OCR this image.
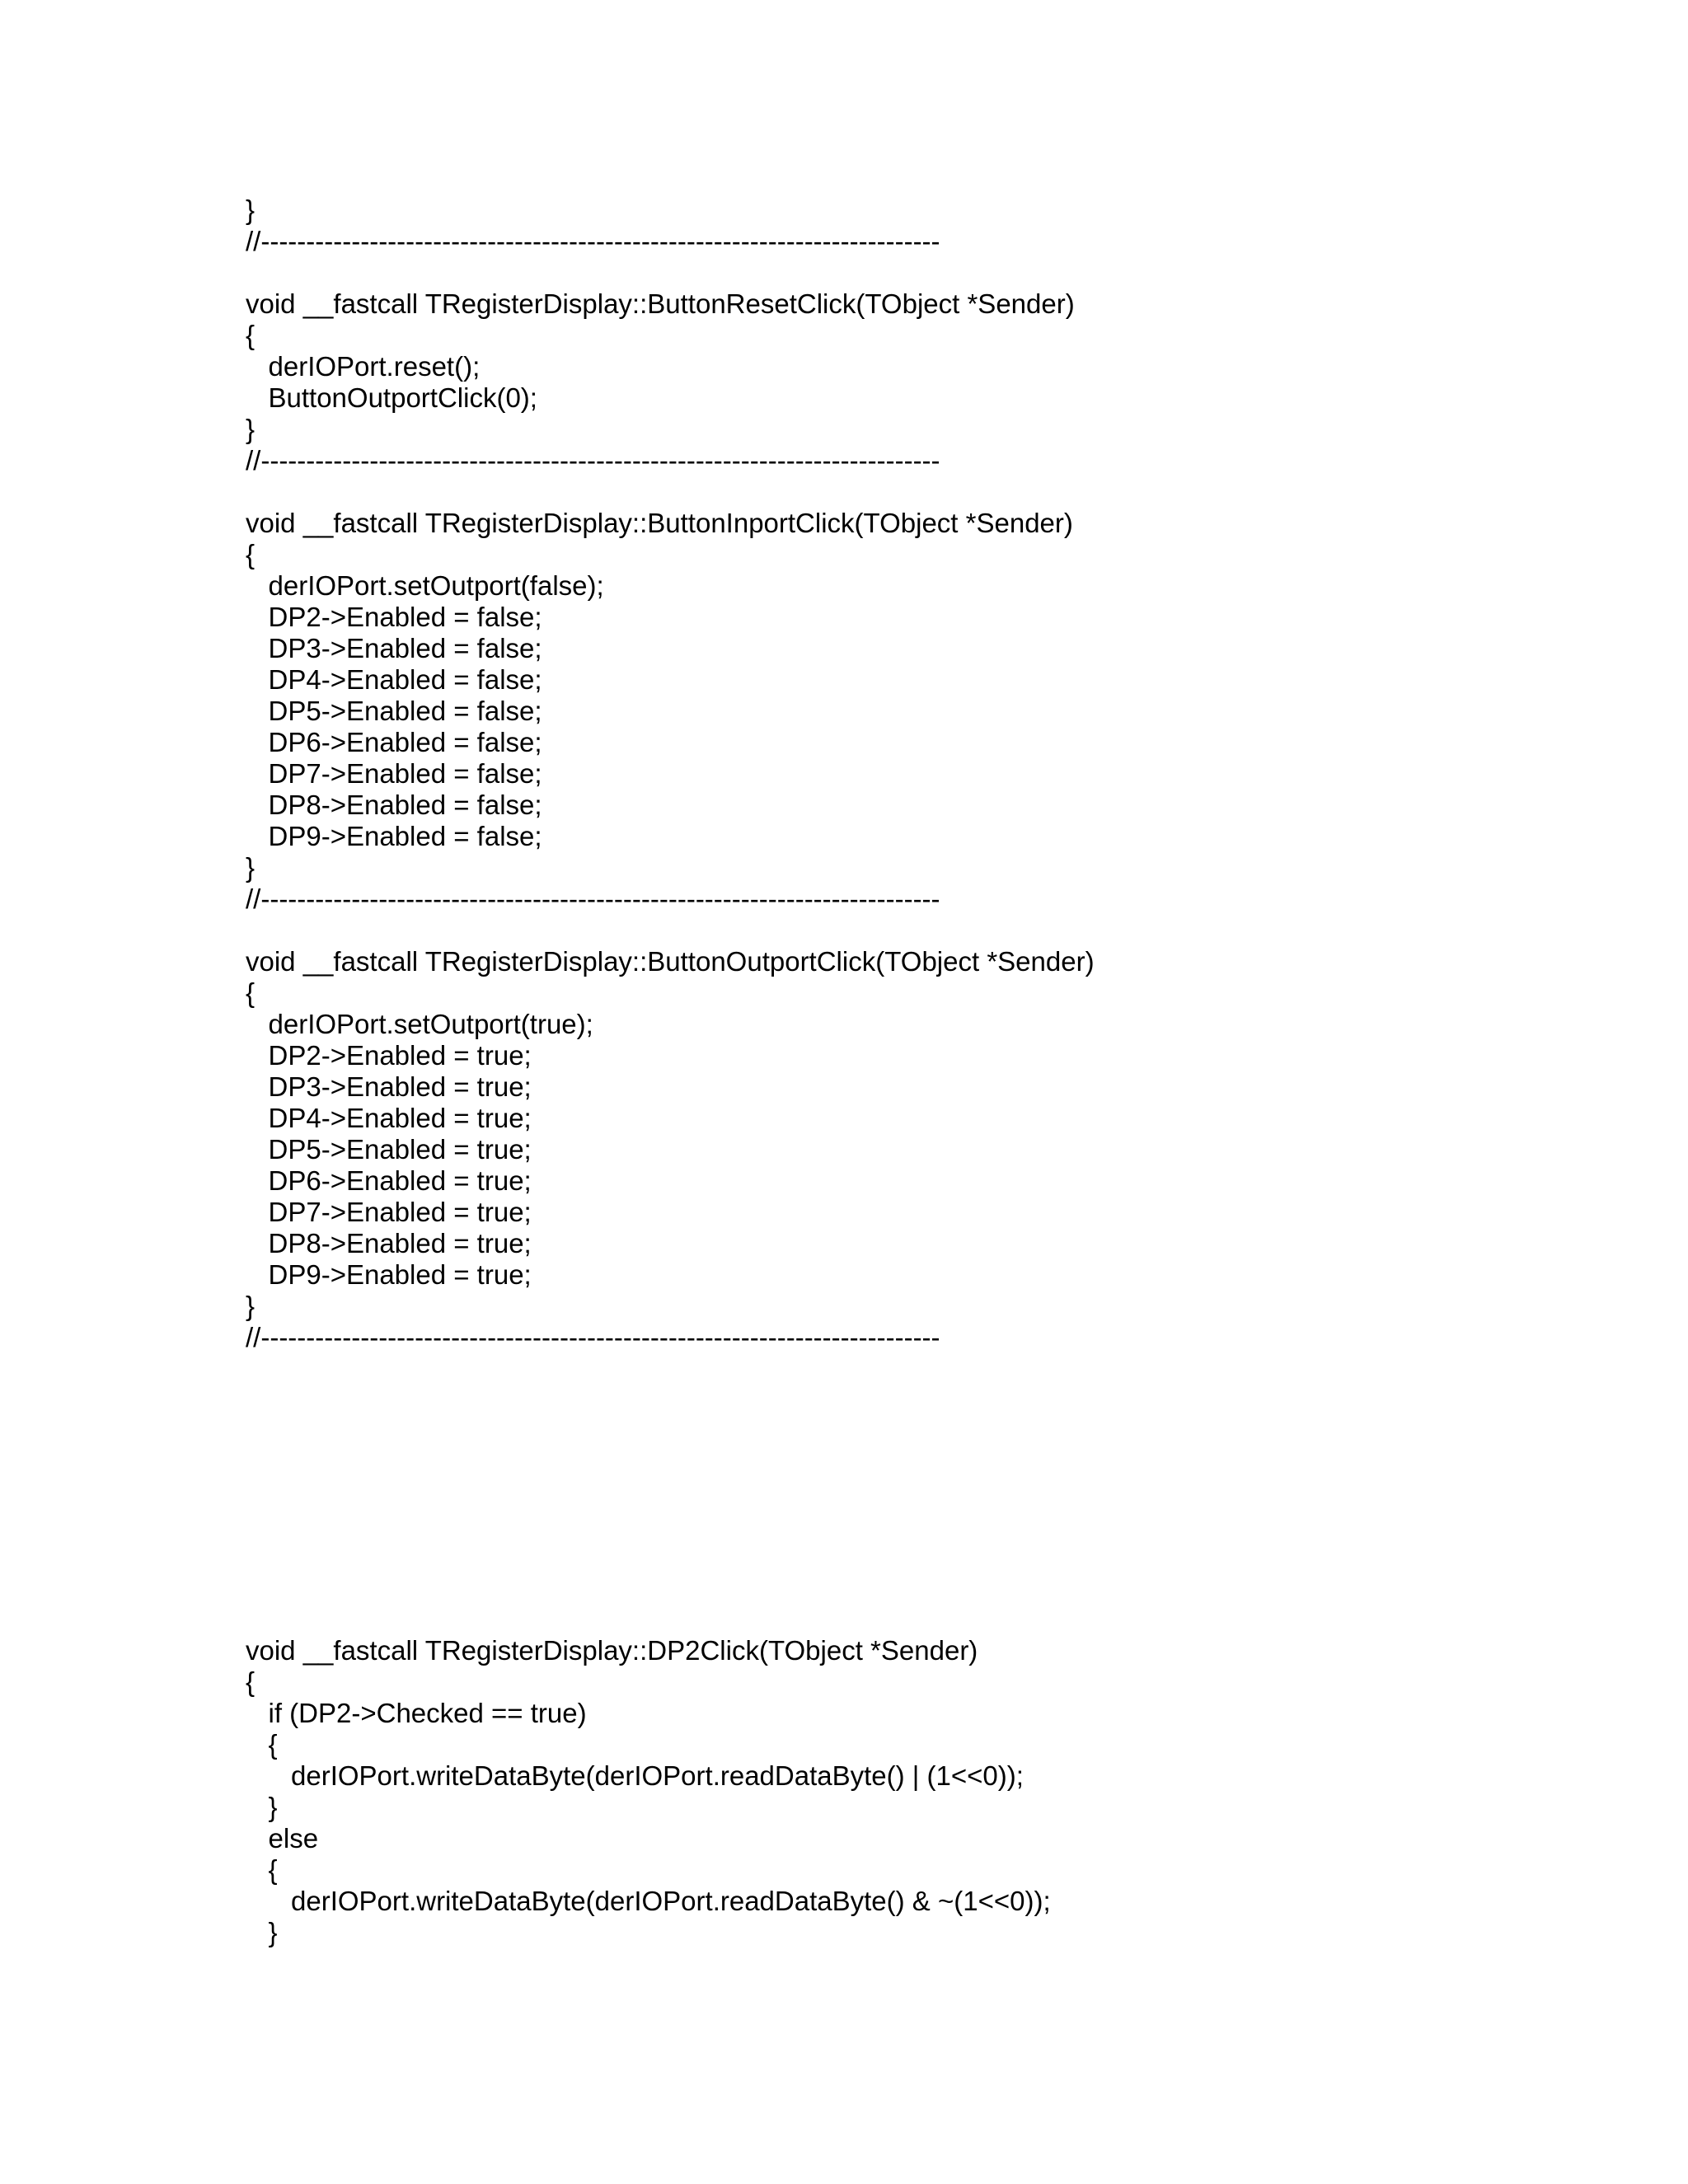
}
//---------------------------------------------------------------------------
void __fastcall TRegisterDisplay::ButtonResetClick(TObject *Sender)
{
derIOPort.reset();
ButtonOutportClick(0);
}
//---------------------------------------------------------------------------
void __fastcall TRegisterDisplay::ButtonInportClick(TObject *Sender)
{
derIOPort.setOutport(false);
DP2->Enabled = false;
DP3->Enabled = false;
DP4->Enabled = false;
DP5->Enabled = false;
DP6->Enabled = false;
DP7->Enabled = false;
DP8->Enabled = false;
DP9->Enabled = false;
}
//---------------------------------------------------------------------------
void __fastcall TRegisterDisplay::ButtonOutportClick(TObject *Sender)
{
derIOPort.setOutport(true);
DP2->Enabled = true;
DP3->Enabled = true;
DP4->Enabled = true;
DP5->Enabled = true;
DP6->Enabled = true;
DP7->Enabled = true;
DP8->Enabled = true;
DP9->Enabled = true;
}
//---------------------------------------------------------------------------
void __fastcall TRegisterDisplay::DP2Click(TObject *Sender)
{
if (DP2->Checked == true)
{
derIOPort.writeDataByte(derIOPort.readDataByte() | (1<<0));
}
else
{
derIOPort.writeDataByte(derIOPort.readDataByte() & ~(1<<0));
}
